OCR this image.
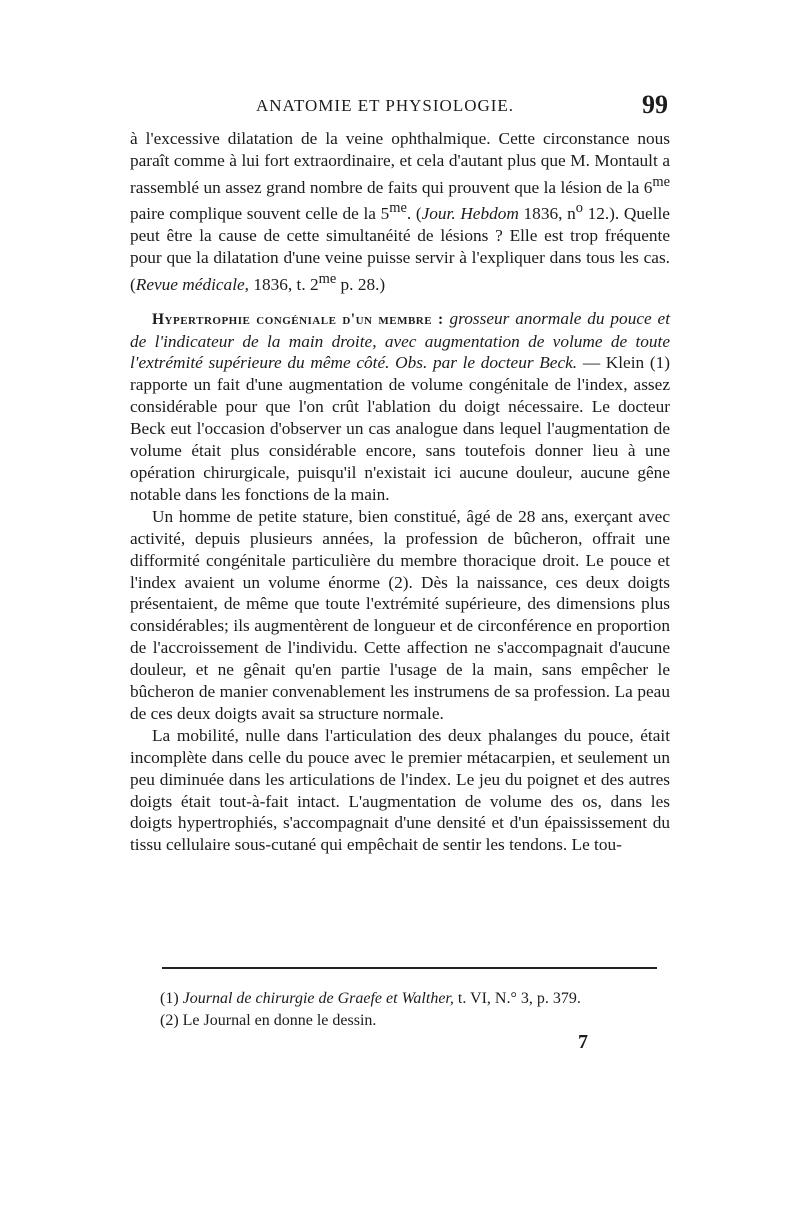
ANATOMIE ET PHYSIOLOGIE.	99

à l'excessive dilatation de la veine ophthalmique. Cette circonstance nous paraît comme à lui fort extraordinaire, et cela d'autant plus que M. Montault a rassemblé un assez grand nombre de faits qui prouvent que la lésion de la $6^{me}$ paire complique souvent celle de la $5^{me}$. (Jour. Hebdom 1836, $n^o$ 12.). Quelle peut être la cause de cette simultanéité de lésions ? Elle est trop fréquente pour que la dilatation d'une veine puisse servir à l'expliquer dans tous les cas. (Revue médicale, 1836, t. $2^{me}$ p. 28.)

Hypertrophie congéniale d'un membre : grosseur anormale du pouce et de l'indicateur de la main droite, avec augmentation de volume de toute l'extrémité supérieure du même côté. Obs. par le docteur Beck. — Klein (1) rapporte un fait d'une augmentation de volume congénitale de l'index, assez considérable pour que l'on crût l'ablation du doigt nécessaire. Le docteur Beck eut l'occasion d'observer un cas analogue dans lequel l'augmentation de volume était plus considérable encore, sans toutefois donner lieu à une opération chirurgicale, puisqu'il n'existait ici aucune douleur, aucune gêne notable dans les fonctions de la main.

Un homme de petite stature, bien constitué, âgé de 28 ans, exerçant avec activité, depuis plusieurs années, la profession de bûcheron, offrait une difformité congénitale particulière du membre thoracique droit. Le pouce et l'index avaient un volume énorme (2). Dès la naissance, ces deux doigts présentaient, de même que toute l'extrémité supérieure, des dimensions plus considérables; ils augmentèrent de longueur et de circonférence en proportion de l'accroissement de l'individu. Cette affection ne s'accompagnait d'aucune douleur, et ne gênait qu'en partie l'usage de la main, sans empêcher le bûcheron de manier convenablement les instrumens de sa profession. La peau de ces deux doigts avait sa structure normale.

La mobilité, nulle dans l'articulation des deux phalanges du pouce, était incomplète dans celle du pouce avec le premier métacarpien, et seulement un peu diminuée dans les articulations de l'index. Le jeu du poignet et des autres doigts était tout-à-fait intact. L'augmentation de volume des os, dans les doigts hypertrophiés, s'accompagnait d'une densité et d'un épaississement du tissu cellulaire sous-cutané qui empêchait de sentir les tendons. Le tou-

(1) Journal de chirurgie de Graefe et Walther, t. VI, N.° 3, p. 379.

(2) Le Journal en donne le dessin.

7
